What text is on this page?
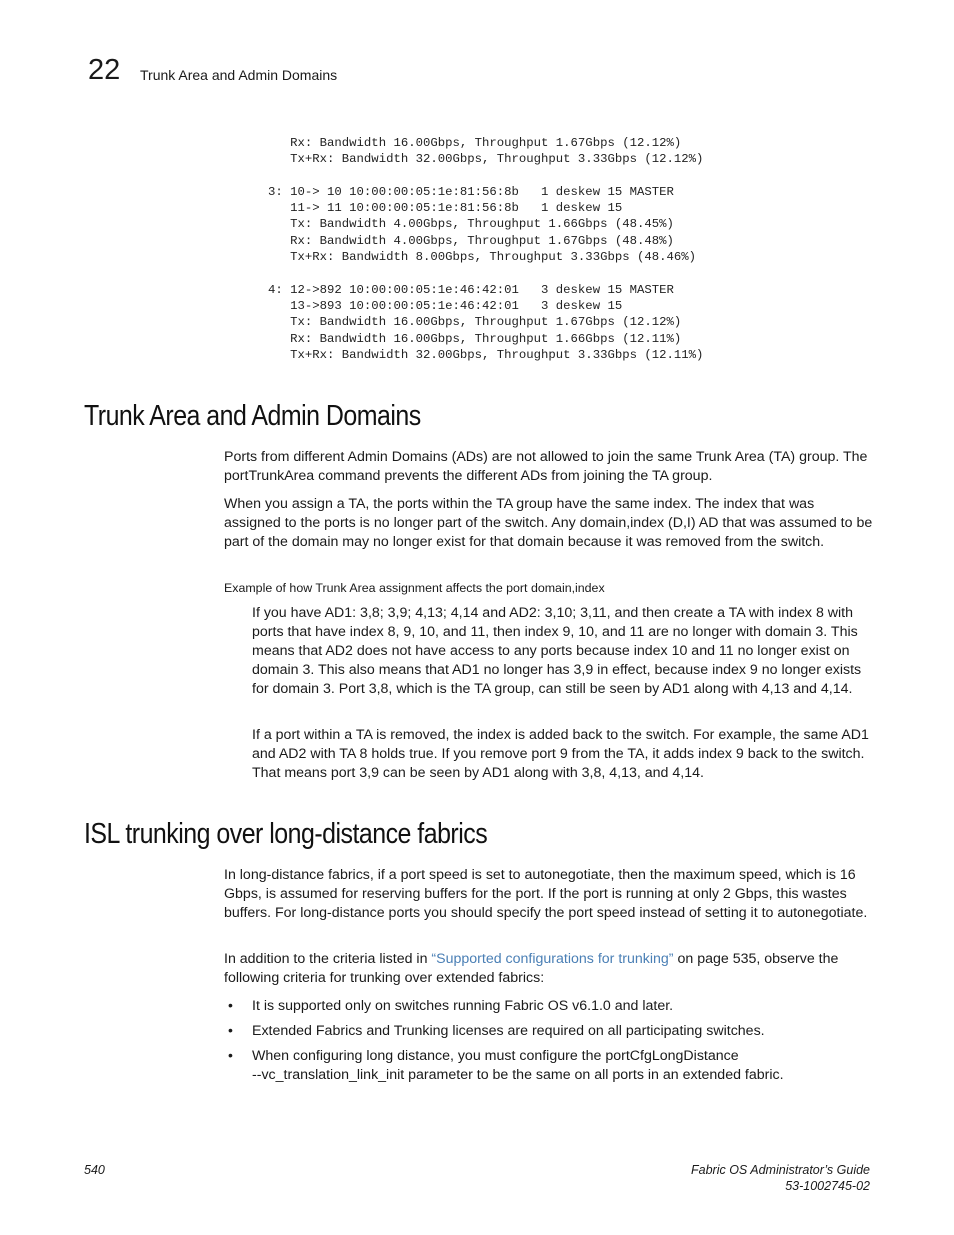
22 Trunk Area and Admin Domains
Rx: Bandwidth 16.00Gbps, Throughput 1.67Gbps (12.12%)
Tx+Rx: Bandwidth 32.00Gbps, Throughput 3.33Gbps (12.12%)

3: 10-> 10 10:00:00:05:1e:81:56:8b   1 deskew 15 MASTER
11-> 11 10:00:00:05:1e:81:56:8b   1 deskew 15
Tx: Bandwidth 4.00Gbps, Throughput 1.66Gbps (48.45%)
Rx: Bandwidth 4.00Gbps, Throughput 1.67Gbps (48.48%)
Tx+Rx: Bandwidth 8.00Gbps, Throughput 3.33Gbps (48.46%)

4: 12->892 10:00:00:05:1e:46:42:01   3 deskew 15 MASTER
13->893 10:00:00:05:1e:46:42:01   3 deskew 15
Tx: Bandwidth 16.00Gbps, Throughput 1.67Gbps (12.12%)
Rx: Bandwidth 16.00Gbps, Throughput 1.66Gbps (12.11%)
Tx+Rx: Bandwidth 32.00Gbps, Throughput 3.33Gbps (12.11%)
Trunk Area and Admin Domains

Ports from different Admin Domains (ADs) are not allowed to join the same Trunk Area (TA) group. The portTrunkArea command prevents the different ADs from joining the TA group.

When you assign a TA, the ports within the TA group have the same index. The index that was assigned to the ports is no longer part of the switch. Any domain,index (D,I) AD that was assumed to be part of the domain may no longer exist for that domain because it was removed from the switch.

Example of how Trunk Area assignment affects the port domain,index

If you have AD1: 3,8; 3,9; 4,13; 4,14 and AD2: 3,10; 3,11, and then create a TA with index 8 with ports that have index 8, 9, 10, and 11, then index 9, 10, and 11 are no longer with domain 3. This means that AD2 does not have access to any ports because index 10 and 11 no longer exist on domain 3. This also means that AD1 no longer has 3,9 in effect, because index 9 no longer exists for domain 3. Port 3,8, which is the TA group, can still be seen by AD1 along with 4,13 and 4,14.

If a port within a TA is removed, the index is added back to the switch. For example, the same AD1 and AD2 with TA 8 holds true. If you remove port 9 from the TA, it adds index 9 back to the switch. That means port 3,9 can be seen by AD1 along with 3,8, 4,13, and 4,14.

ISL trunking over long-distance fabrics

In long-distance fabrics, if a port speed is set to autonegotiate, then the maximum speed, which is 16 Gbps, is assumed for reserving buffers for the port. If the port is running at only 2 Gbps, this wastes buffers. For long-distance ports you should specify the port speed instead of setting it to autonegotiate.

In addition to the criteria listed in “Supported configurations for trunking” on page 535, observe the following criteria for trunking over extended fabrics:

• It is supported only on switches running Fabric OS v6.1.0 and later.

• Extended Fabrics and Trunking licenses are required on all participating switches.

• When configuring long distance, you must configure the portCfgLongDistance
--vc_translation_link_init parameter to be the same on all ports in an extended fabric.

540	Fabric OS Administrator’s Guide
53-1002745-02
